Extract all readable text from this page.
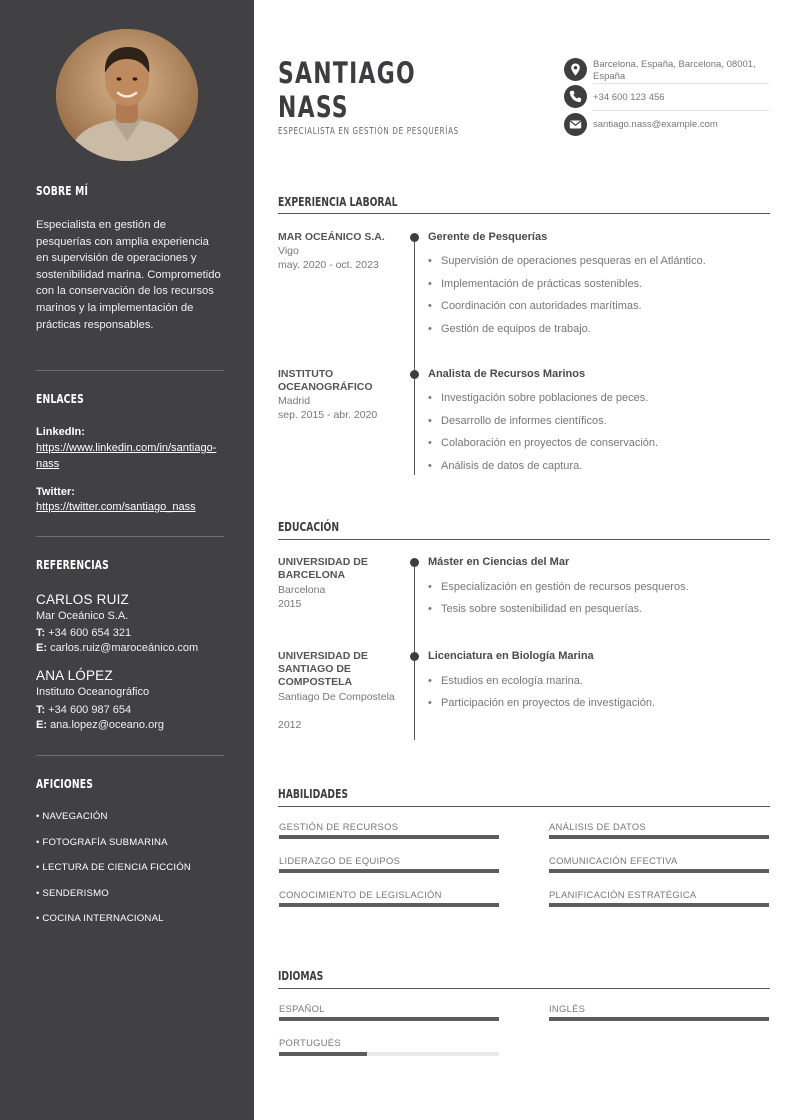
SOBRE MÍ
Especialista en gestión de pesquerías con amplia experiencia en supervisión de operaciones y sostenibilidad marina. Comprometido con la conservación de los recursos marinos y la implementación de prácticas responsables.
ENLACES
LinkedIn:
https://www.linkedin.com/in/santiago-nass
Twitter:
https://twitter.com/santiago_nass
REFERENCIAS
CARLOS RUIZ
Mar Oceánico S.A.
T: +34 600 654 321
E: carlos.ruiz@maroceánico.com
ANA LÓPEZ
Instituto Oceanográfico
T: +34 600 987 654
E: ana.lopez@oceano.org
AFICIONES
• NAVEGACIÓN
• FOTOGRAFÍA SUBMARINA
• LECTURA DE CIENCIA FICCIÓN
• SENDERISMO
• COCINA INTERNACIONAL
SANTIAGO
NASS
ESPECIALISTA EN GESTIÓN DE PESQUERÍAS
Barcelona, España, Barcelona, 08001, España
+34 600 123 456
santiago.nass@example.com
EXPERIENCIA LABORAL
MAR OCEÁNICO S.A.
Vigo
may. 2020 - oct. 2023
Gerente de Pesquerías
• Supervisión de operaciones pesqueras en el Atlántico.
• Implementación de prácticas sostenibles.
• Coordinación con autoridades marítimas.
• Gestión de equipos de trabajo.
INSTITUTO OCEANOGRÁFICO
Madrid
sep. 2015 - abr. 2020
Analista de Recursos Marinos
• Investigación sobre poblaciones de peces.
• Desarrollo de informes científicos.
• Colaboración en proyectos de conservación.
• Análisis de datos de captura.
EDUCACIÓN
UNIVERSIDAD DE BARCELONA
Barcelona
2015
Máster en Ciencias del Mar
• Especialización en gestión de recursos pesqueros.
• Tesis sobre sostenibilidad en pesquerías.
UNIVERSIDAD DE SANTIAGO DE COMPOSTELA
Santiago De Compostela
2012
Licenciatura en Biología Marina
• Estudios en ecología marina.
• Participación en proyectos de investigación.
HABILIDADES
GESTIÓN DE RECURSOS	ANÁLISIS DE DATOS
LIDERAZGO DE EQUIPOS	COMUNICACIÓN EFECTIVA
CONOCIMIENTO DE LEGISLACIÓN	PLANIFICACIÓN ESTRATÉGICA
IDIOMAS
ESPAÑOL	INGLÉS
PORTUGUÉS
